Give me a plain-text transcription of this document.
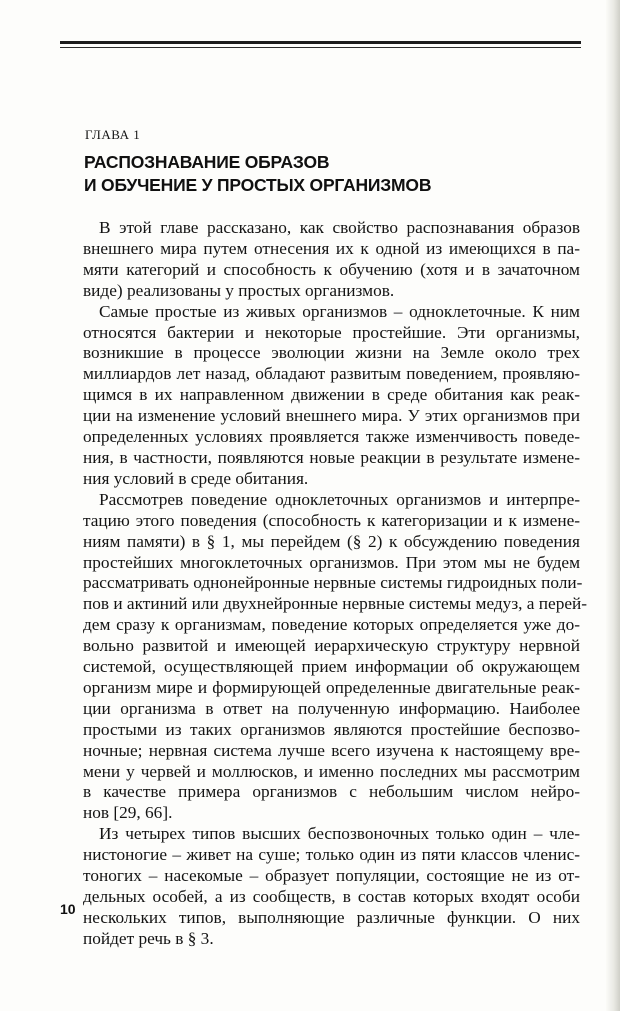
ГЛАВА 1
РАСПОЗНАВАНИЕ ОБРАЗОВ
И ОБУЧЕНИЕ У ПРОСТЫХ ОРГАНИЗМОВ

В этой главе рассказано, как свойство распознавания образов
внешнего мира путем отнесения их к одной из имеющихся в па-
мяти категорий и способность к обучению (хотя и в зачаточном
виде) реализованы у простых организмов.

Самые простые из живых организмов – одноклеточные. К ним
относятся бактерии и некоторые простейшие. Эти организмы,
возникшие в процессе эволюции жизни на Земле около трех
миллиардов лет назад, обладают развитым поведением, проявляю-
щимся в их направленном движении в среде обитания как реак-
ции на изменение условий внешнего мира. У этих организмов при
определенных условиях проявляется также изменчивость поведе-
ния, в частности, появляются новые реакции в результате измене-
ния условий в среде обитания.

Рассмотрев поведение одноклеточных организмов и интерпре-
тацию этого поведения (способность к категоризации и к измене-
ниям памяти) в § 1, мы перейдем (§ 2) к обсуждению поведения
простейших многоклеточных организмов. При этом мы не будем
рассматривать однонейронные нервные системы гидроидных поли-
пов и актиний или двухнейронные нервные системы медуз, а перей-
дем сразу к организмам, поведение которых определяется уже до-
вольно развитой и имеющей иерархическую структуру нервной
системой, осуществляющей прием информации об окружающем
организм мире и формирующей определенные двигательные реак-
ции организма в ответ на полученную информацию. Наиболее
простыми из таких организмов являются простейшие беспозво-
ночные; нервная система лучше всего изучена к настоящему вре-
мени у червей и моллюсков, и именно последних мы рассмотрим
в качестве примера организмов с небольшим числом нейро-
нов [29, 66].

Из четырех типов высших беспозвоночных только один – чле-
нистоногие – живет на суше; только один из пяти классов членис-
тоногих – насекомые – образует популяции, состоящие не из от-
дельных особей, а из сообществ, в состав которых входят особи
нескольких типов, выполняющие различные функции. О них
пойдет речь в § 3.

10
